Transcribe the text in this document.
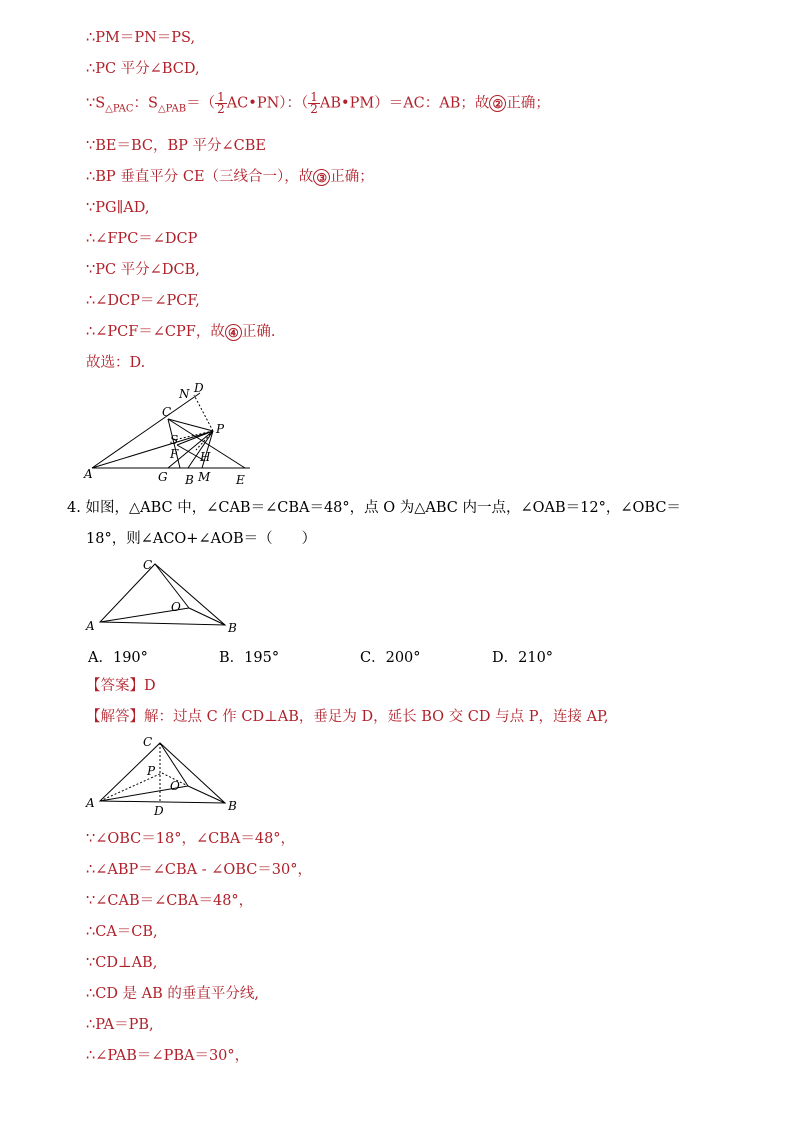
∴PM＝PN＝PS,
∴PC 平分∠BCD,
$\because S_{\triangle PAC}$：$S_{\triangle PAB}=( \frac{1}{2}$ AC•PN）：（ $\frac{1}{2}$ AB•PM）＝AC：AB；故 ② 正确；
∵BE＝BC，BP 平分∠CBE
∴BP 垂直平分 CE（三线合一），故 ③ 正确；
∵PG∥AD,
∴∠FPC＝∠DCP
∵PC 平分∠DCB,
∴∠DCP＝∠PCF,
∴∠PCF＝∠CPF，故 ④ 正确.
故选：D.
N D
C
P
S
F H
A	G B M E
4. 如图，△ABC 中，∠CAB＝∠CBA＝48°，点 O 为△ABC 内一点，∠OAB＝12°，∠OBC＝
18°，则∠ACO+∠AOB＝（　　）
C
O
A	B
A．190°	B．195°	C．200°	D．210°
【答案】D
【解答】解：过点 C 作 CD⊥AB，垂足为 D，延长 BO 交 CD 与点 P，连接 AP,
C
P
O
A
D	B
∵∠OBC＝18°，∠CBA＝48°，
∴∠ABP＝∠CBA - ∠OBC＝30°，
∵∠CAB＝∠CBA＝48°，
∴CA＝CB,
∵CD⊥AB,
∴CD 是 AB 的垂直平分线,
∴PA＝PB,
∴∠PAB＝∠PBA＝30°，
